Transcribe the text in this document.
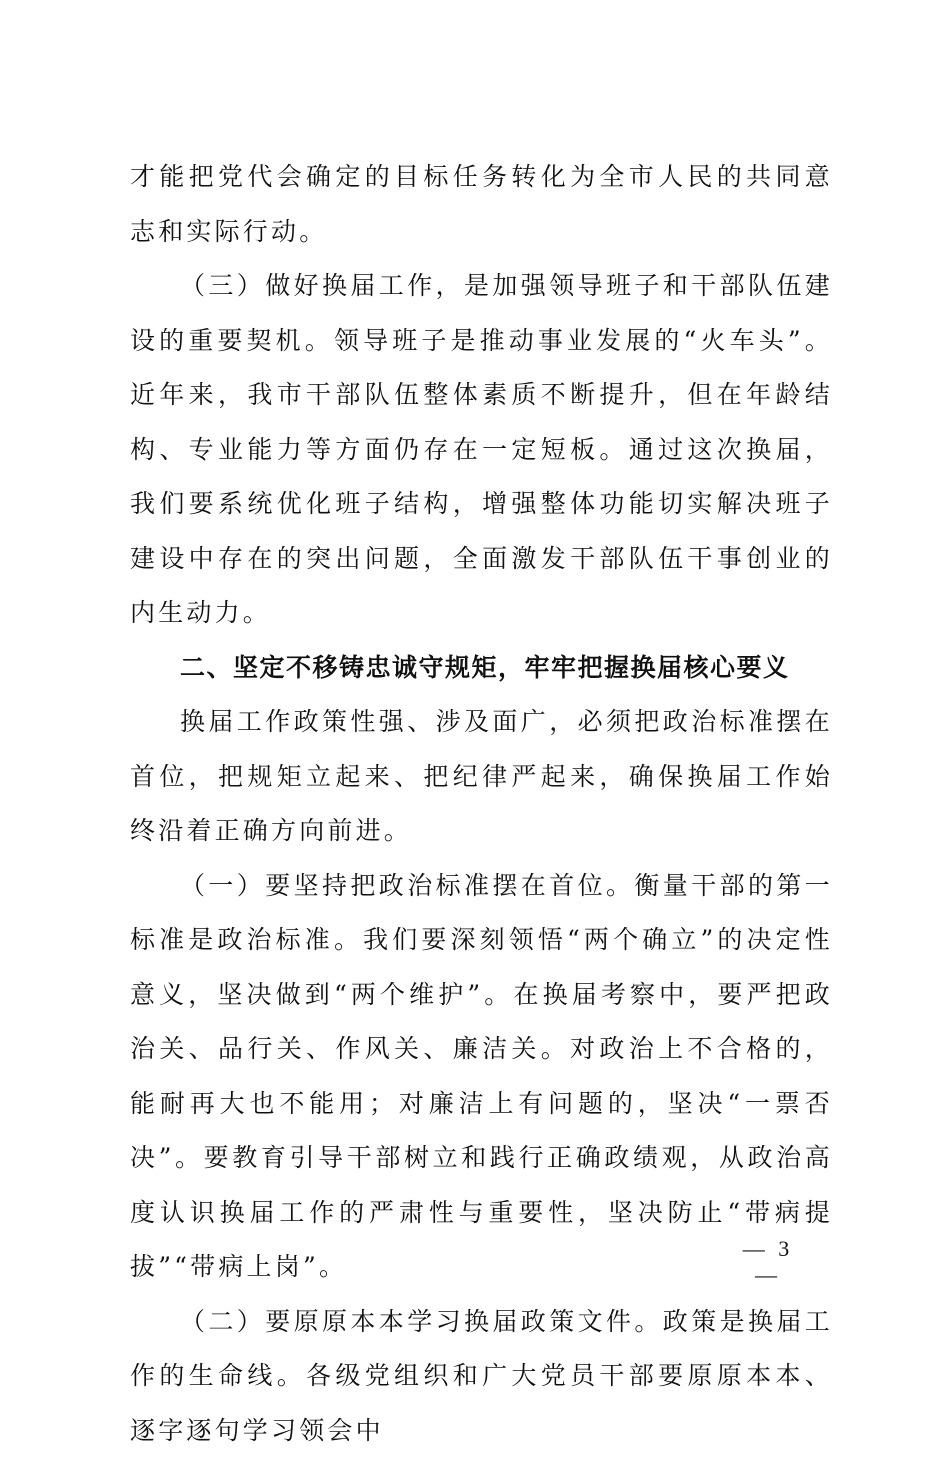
才能把党代会确定的目标任务转化为全市人民的共同意志和实际行动。

（三）做好换届工作，是加强领导班子和干部队伍建设的重要契机。领导班子是推动事业发展的“火车头”。近年来，我市干部队伍整体素质不断提升，但在年龄结构、专业能力等方面仍存在一定短板。通过这次换届，我们要系统优化班子结构，增强整体功能切实解决班子建设中存在的突出问题，全面激发干部队伍干事创业的内生动力。

二、坚定不移铸忠诚守规矩，牢牢把握换届核心要义

换届工作政策性强、涉及面广，必须把政治标准摆在首位，把规矩立起来、把纪律严起来，确保换届工作始终沿着正确方向前进。

（一）要坚持把政治标准摆在首位。衡量干部的第一标准是政治标准。我们要深刻领悟“两个确立”的决定性意义，坚决做到“两个维护”。在换届考察中，要严把政治关、品行关、作风关、廉洁关。对政治上不合格的，能耐再大也不能用；对廉洁上有问题的，坚决“一票否决”。要教育引导干部树立和践行正确政绩观，从政治高度认识换届工作的严肃性与重要性，坚决防止“带病提拔”“带病上岗”。

（二）要原原本本学习换届政策文件。政策是换届工作的生命线。各级党组织和广大党员干部要原原本本、逐字逐句学习领会中

— 3 —
